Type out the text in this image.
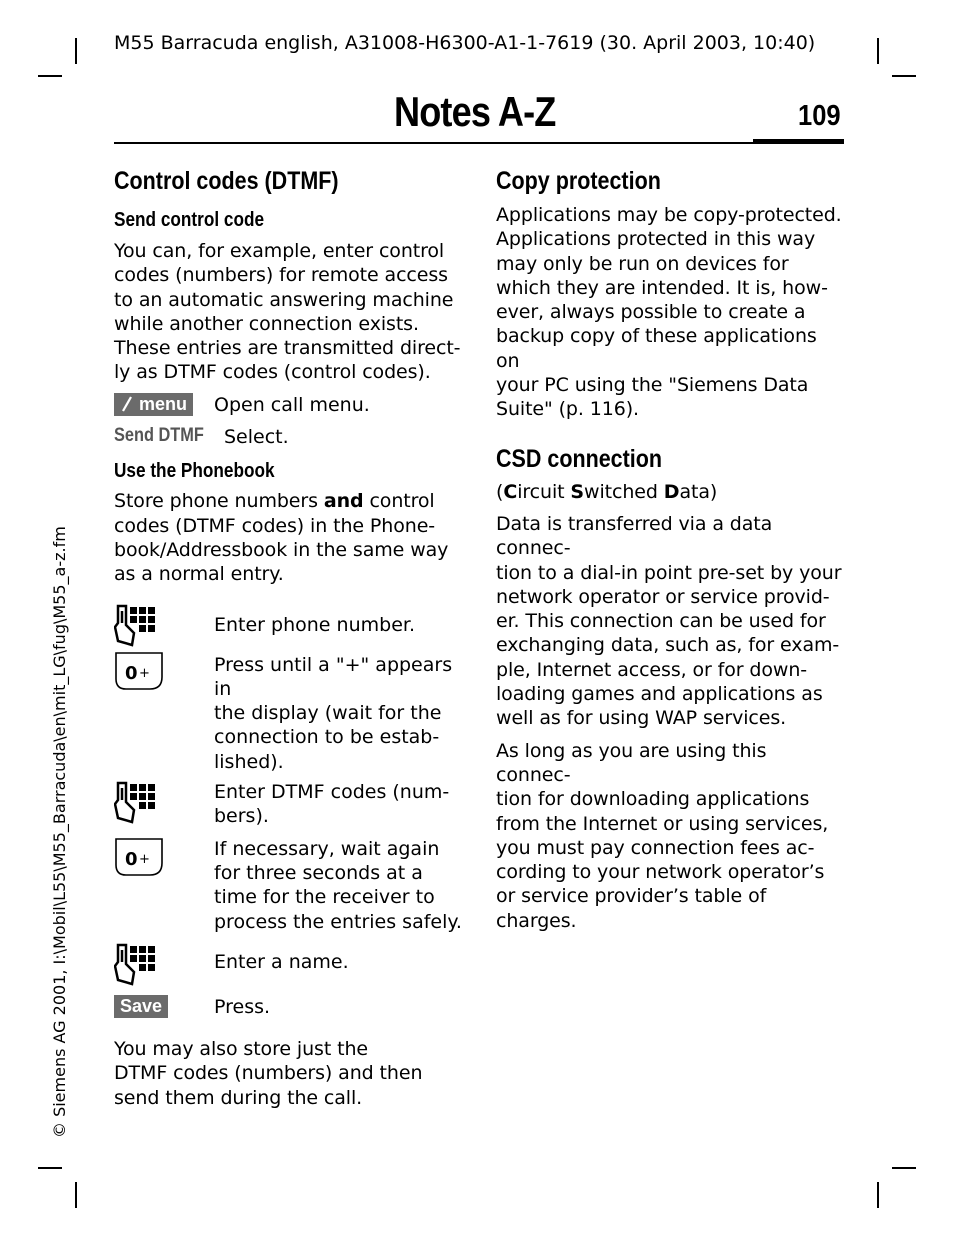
M55 Barracuda english, A31008-H6300-A1-1-7619 (30. April 2003, 10:40)
Notes A-Z	109
© Siemens AG 2001, I:\Mobil\L55\M55_Barracuda\en\mit_LG\fug\M55_a-z.fm
Control codes (DTMF)
Send control code

You can, for example, enter control
codes (numbers) for remote access
to an automatic answering machine
while another connection exists.
These entries are transmitted direct-
ly as DTMF codes (control codes).

menu	Open call menu.
Send DTMF	Select.
Use the Phonebook

Store phone numbers and control
codes (DTMF codes) in the Phone-
book/Addressbook in the same way
as a normal entry.

Enter phone number.
0 +	Press until a "+" appears in
the display (wait for the
connection to be estab-
lished).
Enter DTMF codes (num-
bers).
0 +	If necessary, wait again
for three seconds at a
time for the receiver to
process the entries safely.
Enter a name.
Save	Press.

You may also store just the
DTMF codes (numbers) and then
send them during the call.

Copy protection

Applications may be copy-protected.
Applications protected in this way
may only be run on devices for
which they are intended. It is, how-
ever, always possible to create a
backup copy of these applications on
your PC using the "Siemens Data
Suite" (p. 116).

CSD connection

(Circuit Switched Data)

Data is transferred via a data connec-
tion to a dial-in point pre-set by your
network operator or service provid-
er. This connection can be used for
exchanging data, such as, for exam-
ple, Internet access, or for down-
loading games and applications as
well as for using WAP services.

As long as you are using this connec-
tion for downloading applications
from the Internet or using services,
you must pay connection fees ac-
cording to your network operator’s
or service provider’s table of charges.
